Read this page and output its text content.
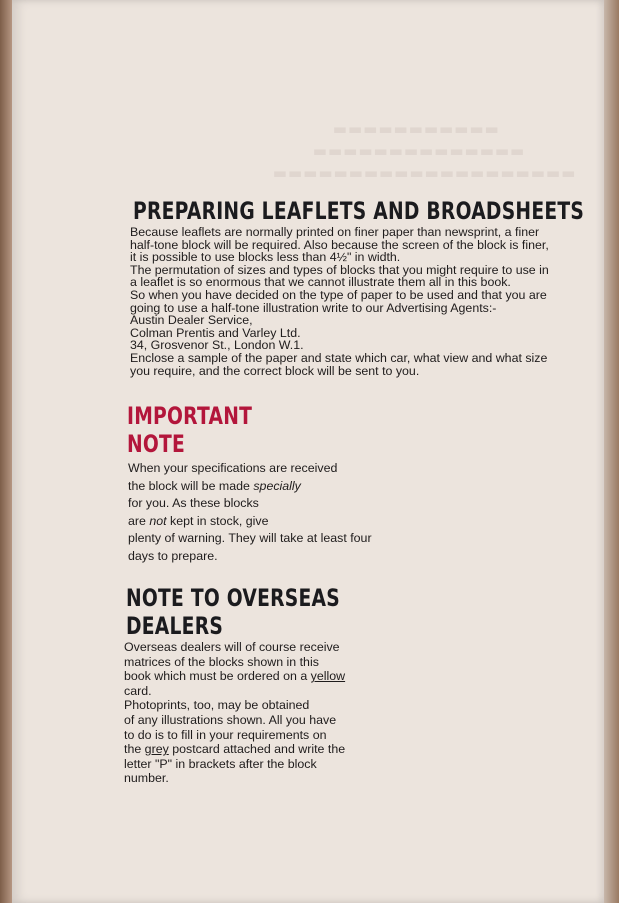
▬▬▬▬▬▬▬▬▬▬▬
▬▬▬▬▬▬▬▬▬▬▬▬▬▬
▬▬▬▬▬▬▬▬▬▬▬▬▬▬▬▬▬▬▬▬
PREPARING LEAFLETS AND BROADSHEETS

Because leaflets are normally printed on finer paper than newsprint, a finer

half-tone block will be required. Also because the screen of the block is finer,

it is possible to use blocks less than 4½" in width.

The permutation of sizes and types of blocks that you might require to use in

a leaflet is so enormous that we cannot illustrate them all in this book.

So when you have decided on the type of paper to be used and that you are

going to use a half-tone illustration write to our Advertising Agents:-

Austin Dealer Service,

Colman Prentis and Varley Ltd.

34, Grosvenor St., London W.1.

Enclose a sample of the paper and state which car, what view and what size

you require, and the correct block will be sent to you.

IMPORTANT
NOTE
When your specifications are received
the block will be made specially
for you. As these blocks
are not kept in stock, give
plenty of warning. They will take at least four
days to prepare.
NOTE TO OVERSEAS
DEALERS
Overseas dealers will of course receive
matrices of the blocks shown in this
book which must be ordered on a yellow
card.
Photoprints, too, may be obtained
of any illustrations shown. All you have
to do is to fill in your requirements on
the grey postcard attached and write the
letter "P" in brackets after the block
number.
